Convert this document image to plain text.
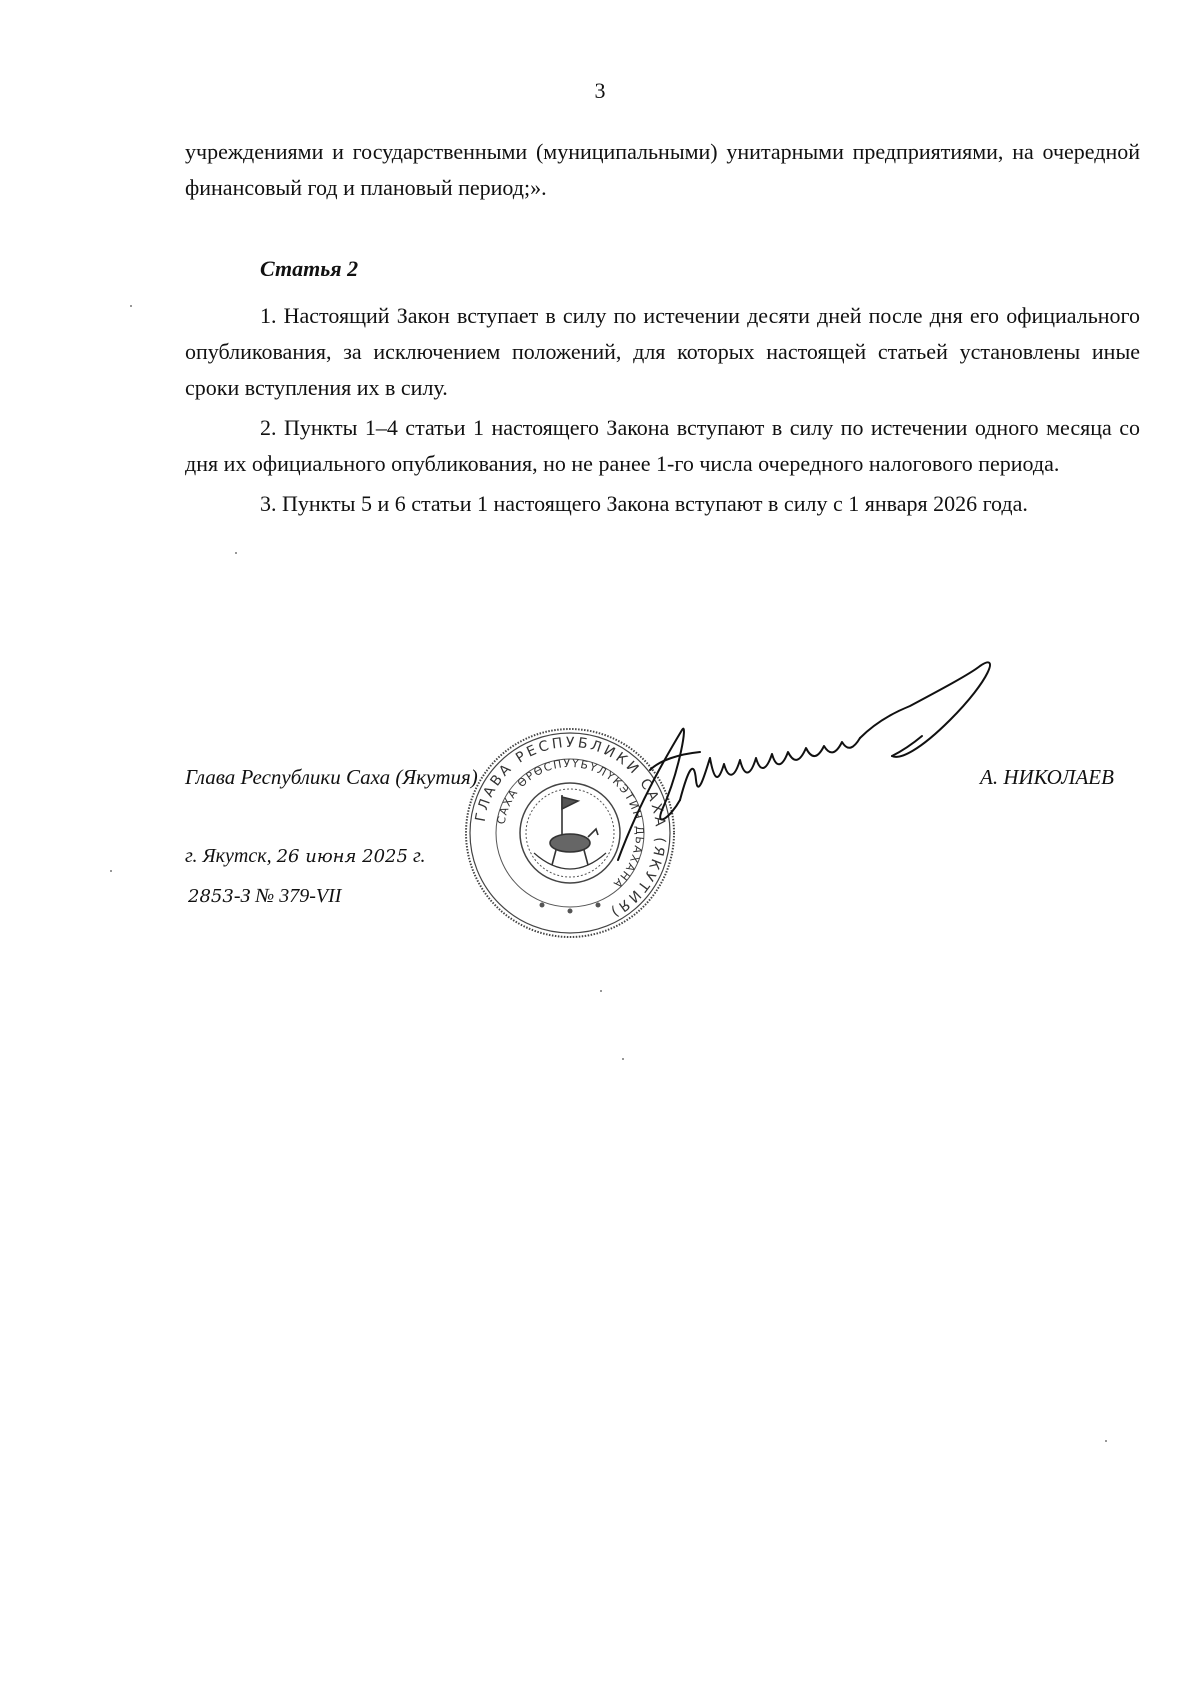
3

учреждениями и государственными (муниципальными) унитарными предприятиями, на очередной финансовый год и плановый период;».

Статья 2

1. Настоящий Закон вступает в силу по истечении десяти дней после дня его официального опубликования, за исключением положений, для которых настоящей статьей установлены иные сроки вступления их в силу.

2. Пункты 1–4 статьи 1 настоящего Закона вступают в силу по истечении одного месяца со дня их официального опубликования, но не ранее 1-го числа очередного налогового периода.

3. Пункты 5 и 6 статьи 1 настоящего Закона вступают в силу с 1 января 2026 года.

Глава Республики Саха (Якутия)

ГЛАВА РЕСПУБЛИКИ САХА (ЯКУТИЯ)
САХА ӨРӨСПУҮБҮЛҮКЭТИН ДЬАХАНА

А. НИКОЛАЕВ

г. Якутск, 26 июня 2025 г.

2853-З № 379-VII
